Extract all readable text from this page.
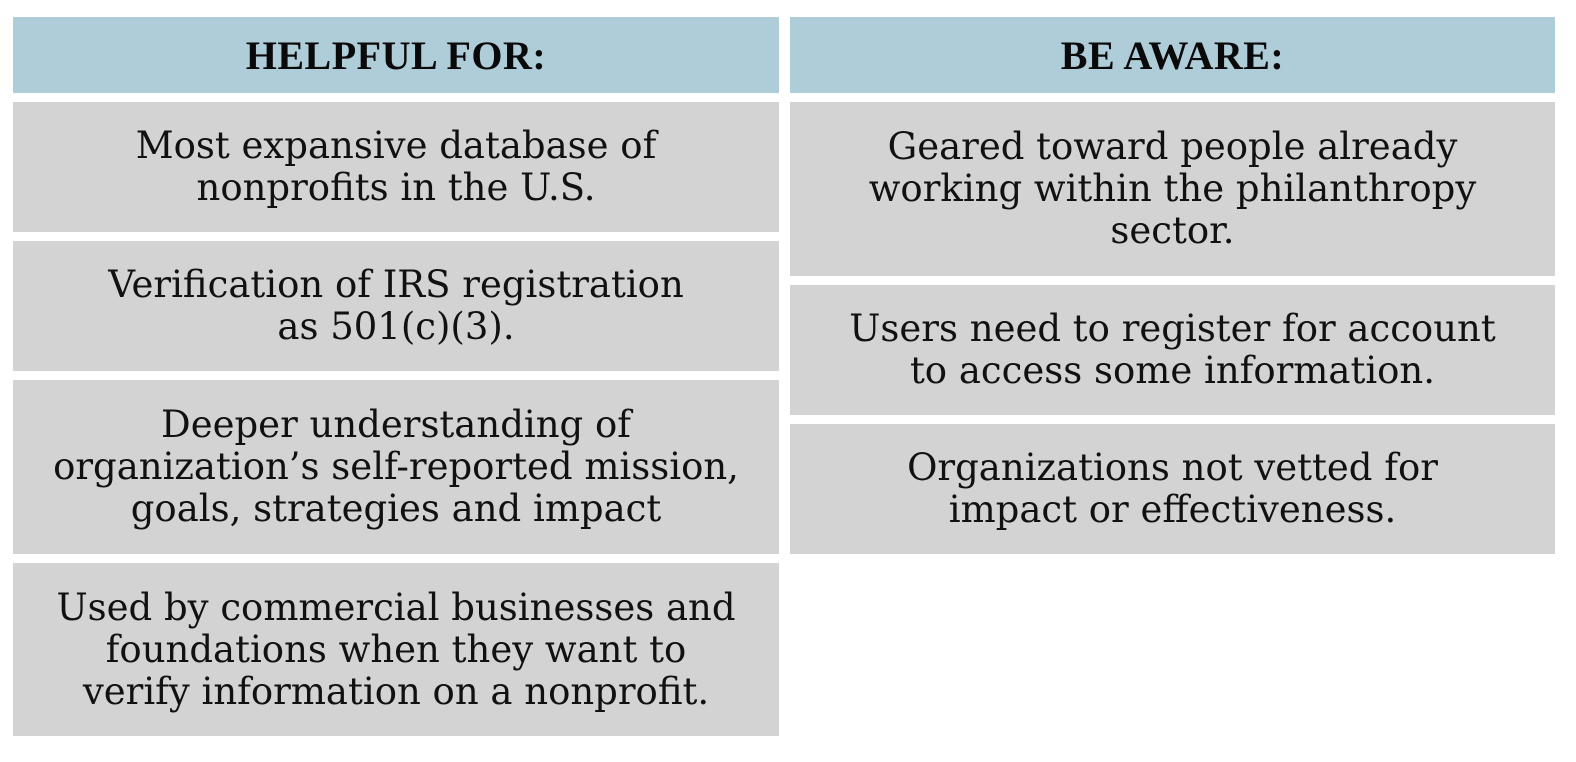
HELPFUL FOR:
Most expansive database of
nonprofits in the U.S.
Verification of IRS registration
as 501(c)(3).
Deeper understanding of
organization’s self-reported mission,
goals, strategies and impact
Used by commercial businesses and
foundations when they want to
verify information on a nonprofit.
BE AWARE:
Geared toward people already
working within the philanthropy
sector.
Users need to register for account
to access some information.
Organizations not vetted for
impact or effectiveness.
